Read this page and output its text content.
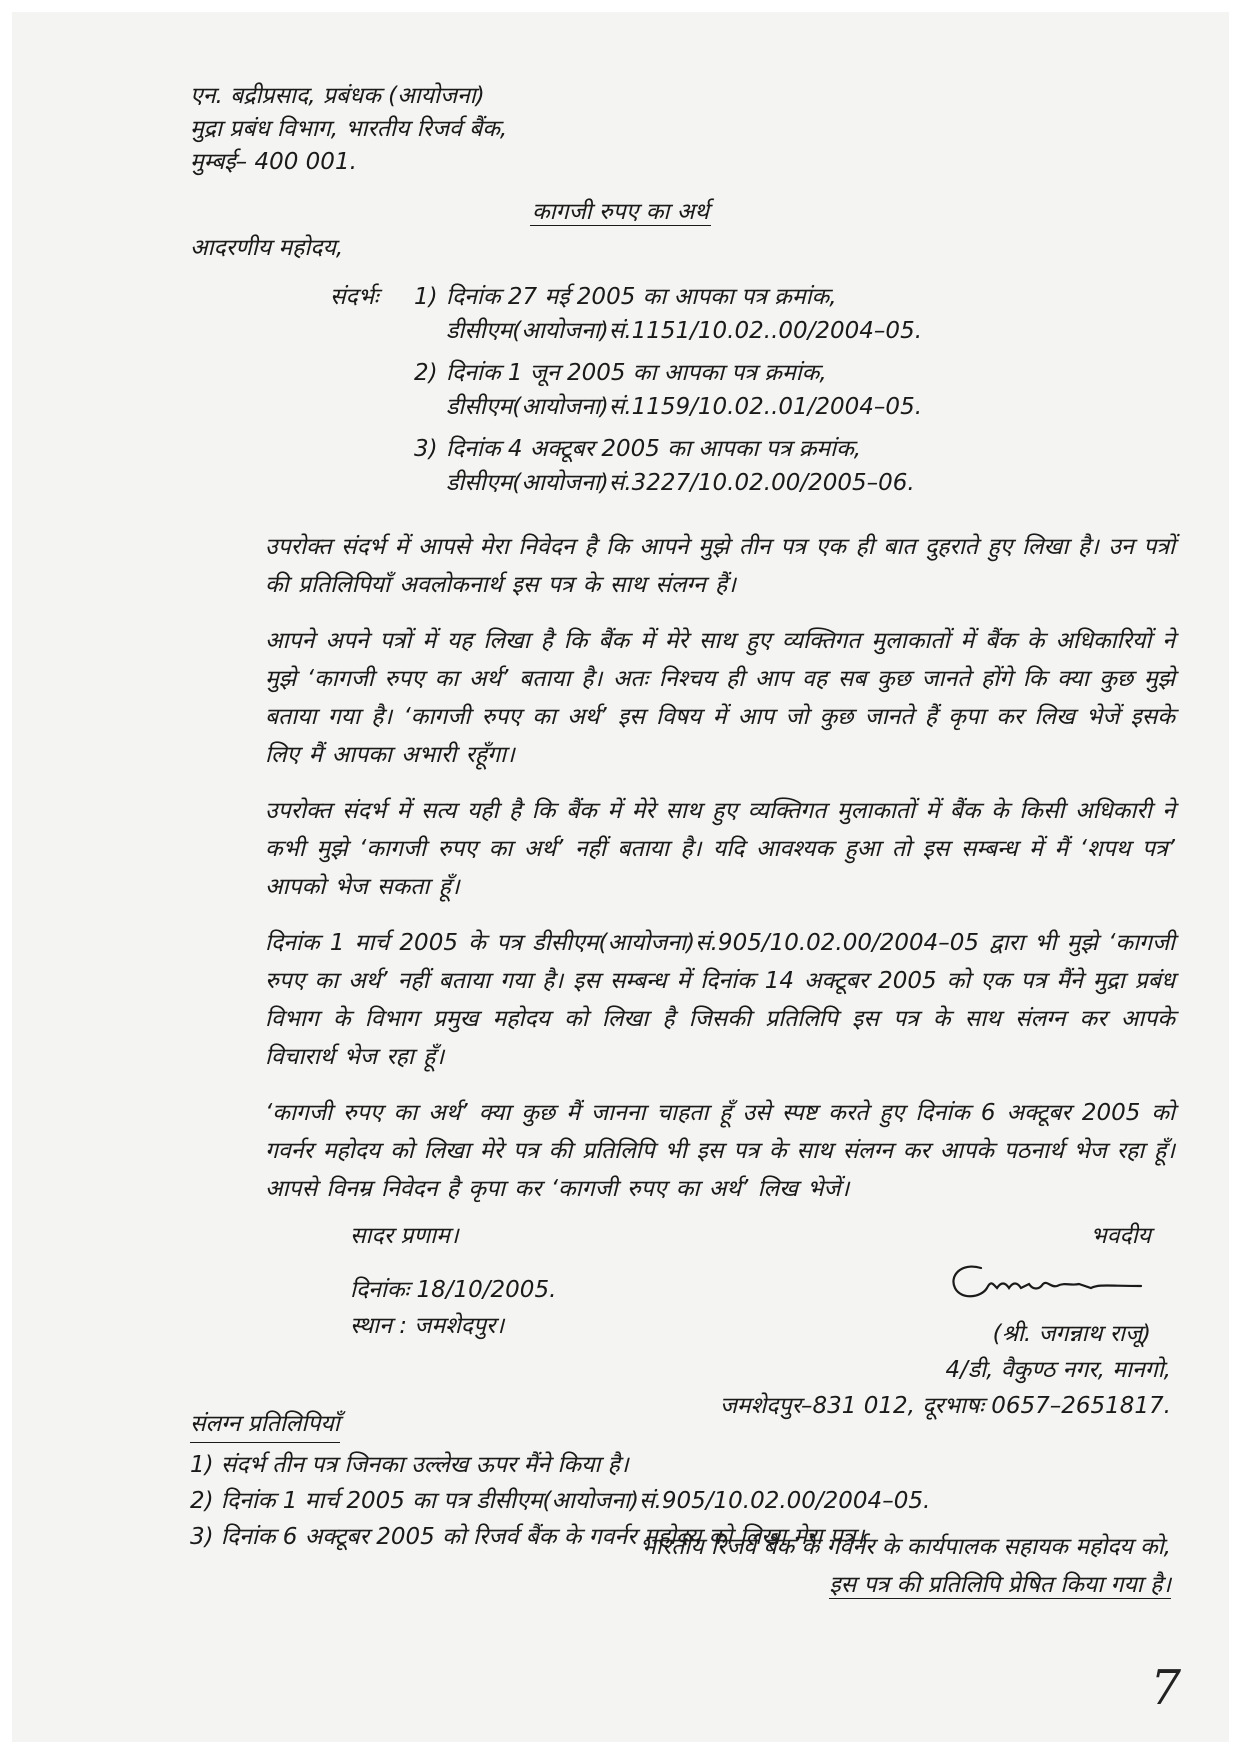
एन. बद्रीप्रसाद, प्रबंधक (आयोजना)
मुद्रा प्रबंध विभाग, भारतीय रिजर्व बैंक,
मुम्बई– 400 001.
कागजी रुपए का अर्थ
आदरणीय महोदय,
संदर्भः	1) दिनांक 27 मई 2005 का आपका पत्र क्रमांक,
डीसीएम(आयोजना)सं.1151/10.02..00/2004–05.
2) दिनांक 1 जून 2005 का आपका पत्र क्रमांक,
डीसीएम(आयोजना)सं.1159/10.02..01/2004–05.
3) दिनांक 4 अक्टूबर 2005 का आपका पत्र क्रमांक,
डीसीएम(आयोजना)सं.3227/10.02.00/2005–06.

उपरोक्त संदर्भ में आपसे मेरा निवेदन है कि आपने मुझे तीन पत्र एक ही बात दुहराते हुए लिखा है। उन पत्रों की प्रतिलिपियाँ अवलोकनार्थ इस पत्र के साथ संलग्न हैं।

आपने अपने पत्रों में यह लिखा है कि बैंक में मेरे साथ हुए व्यक्तिगत मुलाकातों में बैंक के अधिकारियों ने मुझे ‘कागजी रुपए का अर्थ’ बताया है। अतः निश्चय ही आप वह सब कुछ जानते होंगे कि क्या कुछ मुझे बताया गया है। ‘कागजी रुपए का अर्थ’ इस विषय में आप जो कुछ जानते हैं कृपा कर लिख भेजें इसके लिए मैं आपका अभारी रहूँगा।

उपरोक्त संदर्भ में सत्य यही है कि बैंक में मेरे साथ हुए व्यक्तिगत मुलाकातों में बैंक के किसी अधिकारी ने कभी मुझे ‘कागजी रुपए का अर्थ’ नहीं बताया है। यदि आवश्यक हुआ तो इस सम्बन्ध में मैं ‘शपथ पत्र’ आपको भेज सकता हूँ।

दिनांक 1 मार्च 2005 के पत्र डीसीएम(आयोजना)सं.905/10.02.00/2004–05 द्वारा भी मुझे ‘कागजी रुपए का अर्थ’ नहीं बताया गया है। इस सम्बन्ध में दिनांक 14 अक्टूबर 2005 को एक पत्र मैंने मुद्रा प्रबंध विभाग के विभाग प्रमुख महोदय को लिखा है जिसकी प्रतिलिपि इस पत्र के साथ संलग्न कर आपके विचारार्थ भेज रहा हूँ।

‘कागजी रुपए का अर्थ’ क्या कुछ मैं जानना चाहता हूँ उसे स्पष्ट करते हुए दिनांक 6 अक्टूबर 2005 को गवर्नर महोदय को लिखा मेरे पत्र की प्रतिलिपि भी इस पत्र के साथ संलग्न कर आपके पठनार्थ भेज रहा हूँ। आपसे विनम्र निवेदन है कृपा कर ‘कागजी रुपए का अर्थ’ लिख भेजें।

सादर प्रणाम।
दिनांकः 18/10/2005.
स्थान : जमशेदपुर।
भवदीय
(श्री. जगन्नाथ राजू)
4/डी, वैकुण्ठ नगर, मानगो,
जमशेदपुर–831 012, दूरभाषः 0657–2651817.
संलग्न प्रतिलिपियाँ
1) संदर्भ तीन पत्र जिनका उल्लेख ऊपर मैंने किया है।
2) दिनांक 1 मार्च 2005 का पत्र डीसीएम(आयोजना)सं.905/10.02.00/2004–05.
3) दिनांक 6 अक्टूबर 2005 को रिजर्व बैंक के गवर्नर महोदय को लिखा मेरा पत्र।
भारतीय रिजर्व बैंक के गवर्नर के कार्यपालक सहायक महोदय को,
इस पत्र की प्रतिलिपि प्रेषित किया गया है।
7
